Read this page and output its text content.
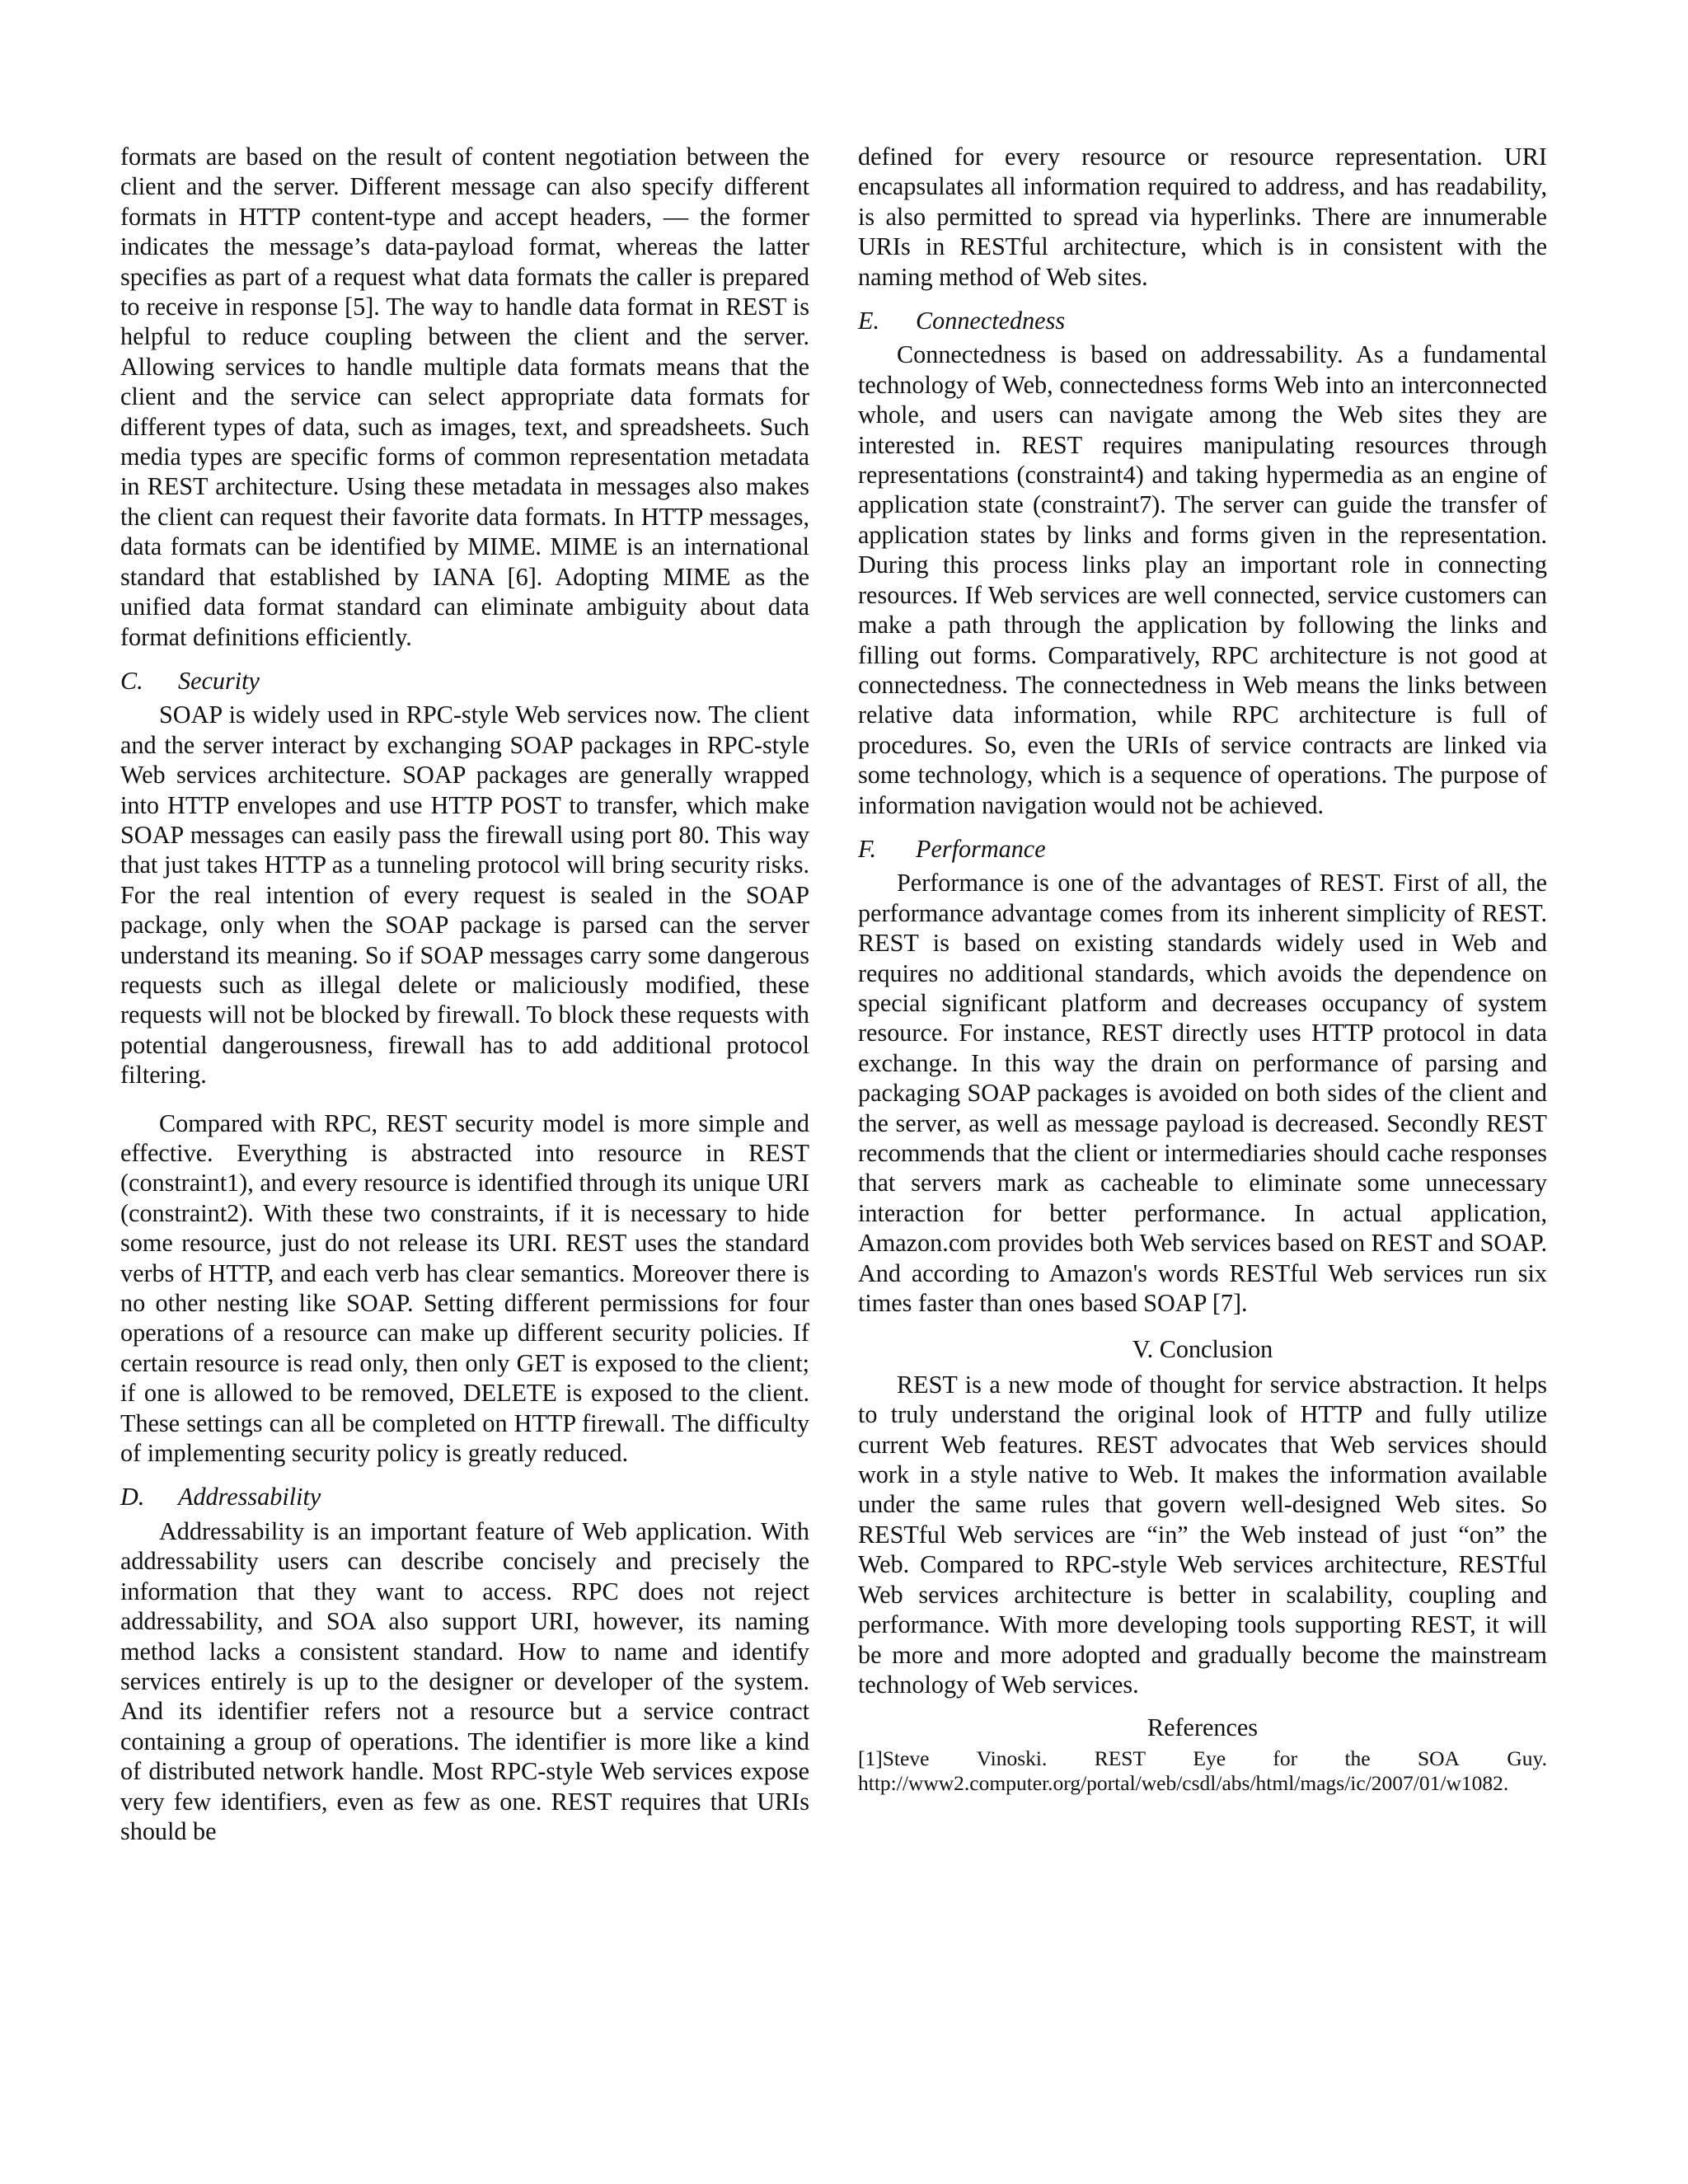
formats are based on the result of content negotiation between the client and the server. Different message can also specify different formats in HTTP content-type and accept headers, — the former indicates the message’s data-payload format, whereas the latter specifies as part of a request what data formats the caller is prepared to receive in response [5]. The way to handle data format in REST is helpful to reduce coupling between the client and the server. Allowing services to handle multiple data formats means that the client and the service can select appropriate data formats for different types of data, such as images, text, and spreadsheets. Such media types are specific forms of common representation metadata in REST architecture. Using these metadata in messages also makes the client can request their favorite data formats. In HTTP messages, data formats can be identified by MIME. MIME is an international standard that established by IANA [6]. Adopting MIME as the unified data format standard can eliminate ambiguity about data format definitions efficiently.

C.	Security

SOAP is widely used in RPC-style Web services now. The client and the server interact by exchanging SOAP packages in RPC-style Web services architecture. SOAP packages are generally wrapped into HTTP envelopes and use HTTP POST to transfer, which make SOAP messages can easily pass the firewall using port 80. This way that just takes HTTP as a tunneling protocol will bring security risks. For the real intention of every request is sealed in the SOAP package, only when the SOAP package is parsed can the server understand its meaning. So if SOAP messages carry some dangerous requests such as illegal delete or maliciously modified, these requests will not be blocked by firewall. To block these requests with potential dangerousness, firewall has to add additional protocol filtering.

Compared with RPC, REST security model is more simple and effective. Everything is abstracted into resource in REST (constraint1), and every resource is identified through its unique URI (constraint2). With these two constraints, if it is necessary to hide some resource, just do not release its URI. REST uses the standard verbs of HTTP, and each verb has clear semantics. Moreover there is no other nesting like SOAP. Setting different permissions for four operations of a resource can make up different security policies. If certain resource is read only, then only GET is exposed to the client; if one is allowed to be removed, DELETE is exposed to the client. These settings can all be completed on HTTP firewall. The difficulty of implementing security policy is greatly reduced.

D.	Addressability

Addressability is an important feature of Web application. With addressability users can describe concisely and precisely the information that they want to access. RPC does not reject addressability, and SOA also support URI, however, its naming method lacks a consistent standard. How to name and identify services entirely is up to the designer or developer of the system. And its identifier refers not a resource but a service contract containing a group of operations. The identifier is more like a kind of distributed network handle. Most RPC-style Web services expose very few identifiers, even as few as one. REST requires that URIs should be

defined for every resource or resource representation. URI encapsulates all information required to address, and has readability, is also permitted to spread via hyperlinks. There are innumerable URIs in RESTful architecture, which is in consistent with the naming method of Web sites.

E.	Connectedness

Connectedness is based on addressability. As a fundamental technology of Web, connectedness forms Web into an interconnected whole, and users can navigate among the Web sites they are interested in. REST requires manipulating resources through representations (constraint4) and taking hypermedia as an engine of application state (constraint7). The server can guide the transfer of application states by links and forms given in the representation. During this process links play an important role in connecting resources. If Web services are well connected, service customers can make a path through the application by following the links and filling out forms. Comparatively, RPC architecture is not good at connectedness. The connectedness in Web means the links between relative data information, while RPC architecture is full of procedures. So, even the URIs of service contracts are linked via some technology, which is a sequence of operations. The purpose of information navigation would not be achieved.

F.	Performance

Performance is one of the advantages of REST. First of all, the performance advantage comes from its inherent simplicity of REST. REST is based on existing standards widely used in Web and requires no additional standards, which avoids the dependence on special significant platform and decreases occupancy of system resource. For instance, REST directly uses HTTP protocol in data exchange. In this way the drain on performance of parsing and packaging SOAP packages is avoided on both sides of the client and the server, as well as message payload is decreased. Secondly REST recommends that the client or intermediaries should cache responses that servers mark as cacheable to eliminate some unnecessary interaction for better performance. In actual application, Amazon.com provides both Web services based on REST and SOAP. And according to Amazon's words RESTful Web services run six times faster than ones based SOAP [7].

V. Conclusion

REST is a new mode of thought for service abstraction. It helps to truly understand the original look of HTTP and fully utilize current Web features. REST advocates that Web services should work in a style native to Web. It makes the information available under the same rules that govern well-designed Web sites. So RESTful Web services are “in” the Web instead of just “on” the Web. Compared to RPC-style Web services architecture, RESTful Web services architecture is better in scalability, coupling and performance. With more developing tools supporting REST, it will be more and more adopted and gradually become the mainstream technology of Web services.

References
[1]Steve Vinoski. REST Eye for the SOA Guy.
http://www2.computer.org/portal/web/csdl/abs/html/mags/ic/2007/01/w1082.
